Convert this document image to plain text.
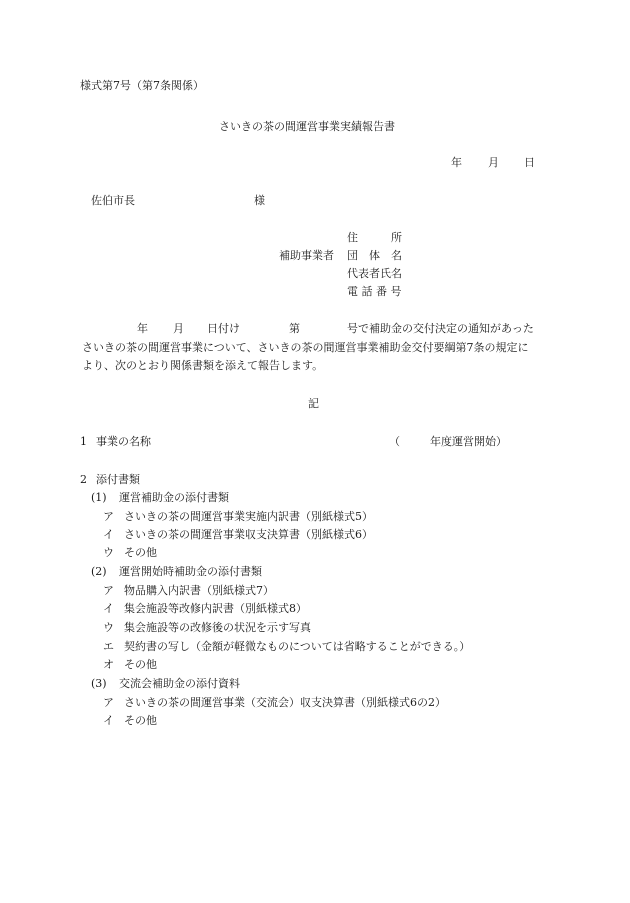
様式第7号（第7条関係）
さいきの茶の間運営事業実績報告書
年 月 日
佐伯市長	様
補助事業者
住　　　所
団　体　名
代表者氏名
電 話 番 号
年 月 日付け	第	号で補助金の交付決定の通知があった
さいきの茶の間運営事業について、さいきの茶の間運営事業補助金交付要綱第7条の規定に
より、次のとおり関係書類を添えて報告します。
記
1 事業の名称	（	年度運営開始）
2 添付書類
(1) 運営補助金の添付書類
ア さいきの茶の間運営事業実施内訳書（別紙様式5）
イ さいきの茶の間運営事業収支決算書（別紙様式6）
ウ その他
(2) 運営開始時補助金の添付書類
ア 物品購入内訳書（別紙様式7）
イ 集会施設等改修内訳書（別紙様式8）
ウ 集会施設等の改修後の状況を示す写真
エ 契約書の写し（金額が軽微なものについては省略することができる。）
オ その他
(3) 交流会補助金の添付資料
ア さいきの茶の間運営事業（交流会）収支決算書（別紙様式6の2）
イ その他
